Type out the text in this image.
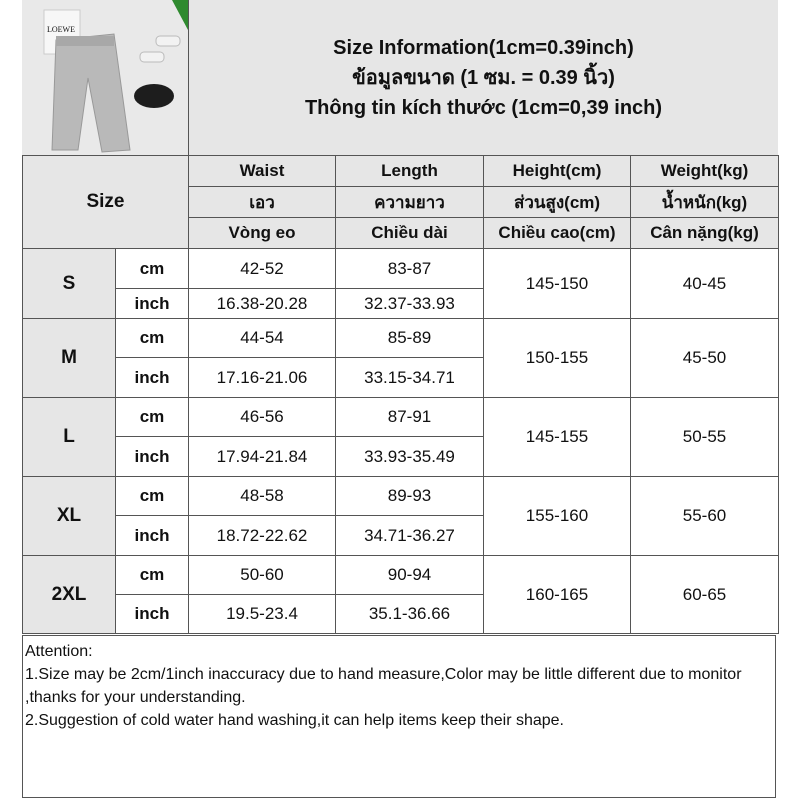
LOEWE
Size Information(1cm=0.39inch)
ข้อมูลขนาด (1 ซม. = 0.39 นิ้ว)
Thông tin kích thước (1cm=0,39 inch)
Size		Waist	Length	Height(cm)	Weight(kg)
		เอว	ความยาว	ส่วนสูง(cm)	น้ำหนัก(kg)
		Vòng eo	Chiều dài	Chiều cao(cm)	Cân nặng(kg)
S	cm	42-52	83-87	145-150	40-45
	inch	16.38-20.28	32.37-33.93		
M	cm	44-54	85-89	150-155	45-50
	inch	17.16-21.06	33.15-34.71		
L	cm	46-56	87-91	145-155	50-55
	inch	17.94-21.84	33.93-35.49		
XL	cm	48-58	89-93	155-160	55-60
	inch	18.72-22.62	34.71-36.27		
2XL	cm	50-60	90-94	160-165	60-65
	inch	19.5-23.4	35.1-36.66		
Attention:
1.Size may be 2cm/1inch inaccuracy due to hand measure,Color may be little different due to monitor ,thanks for your understanding.
2.Suggestion of cold water hand washing,it can help items keep their shape.
